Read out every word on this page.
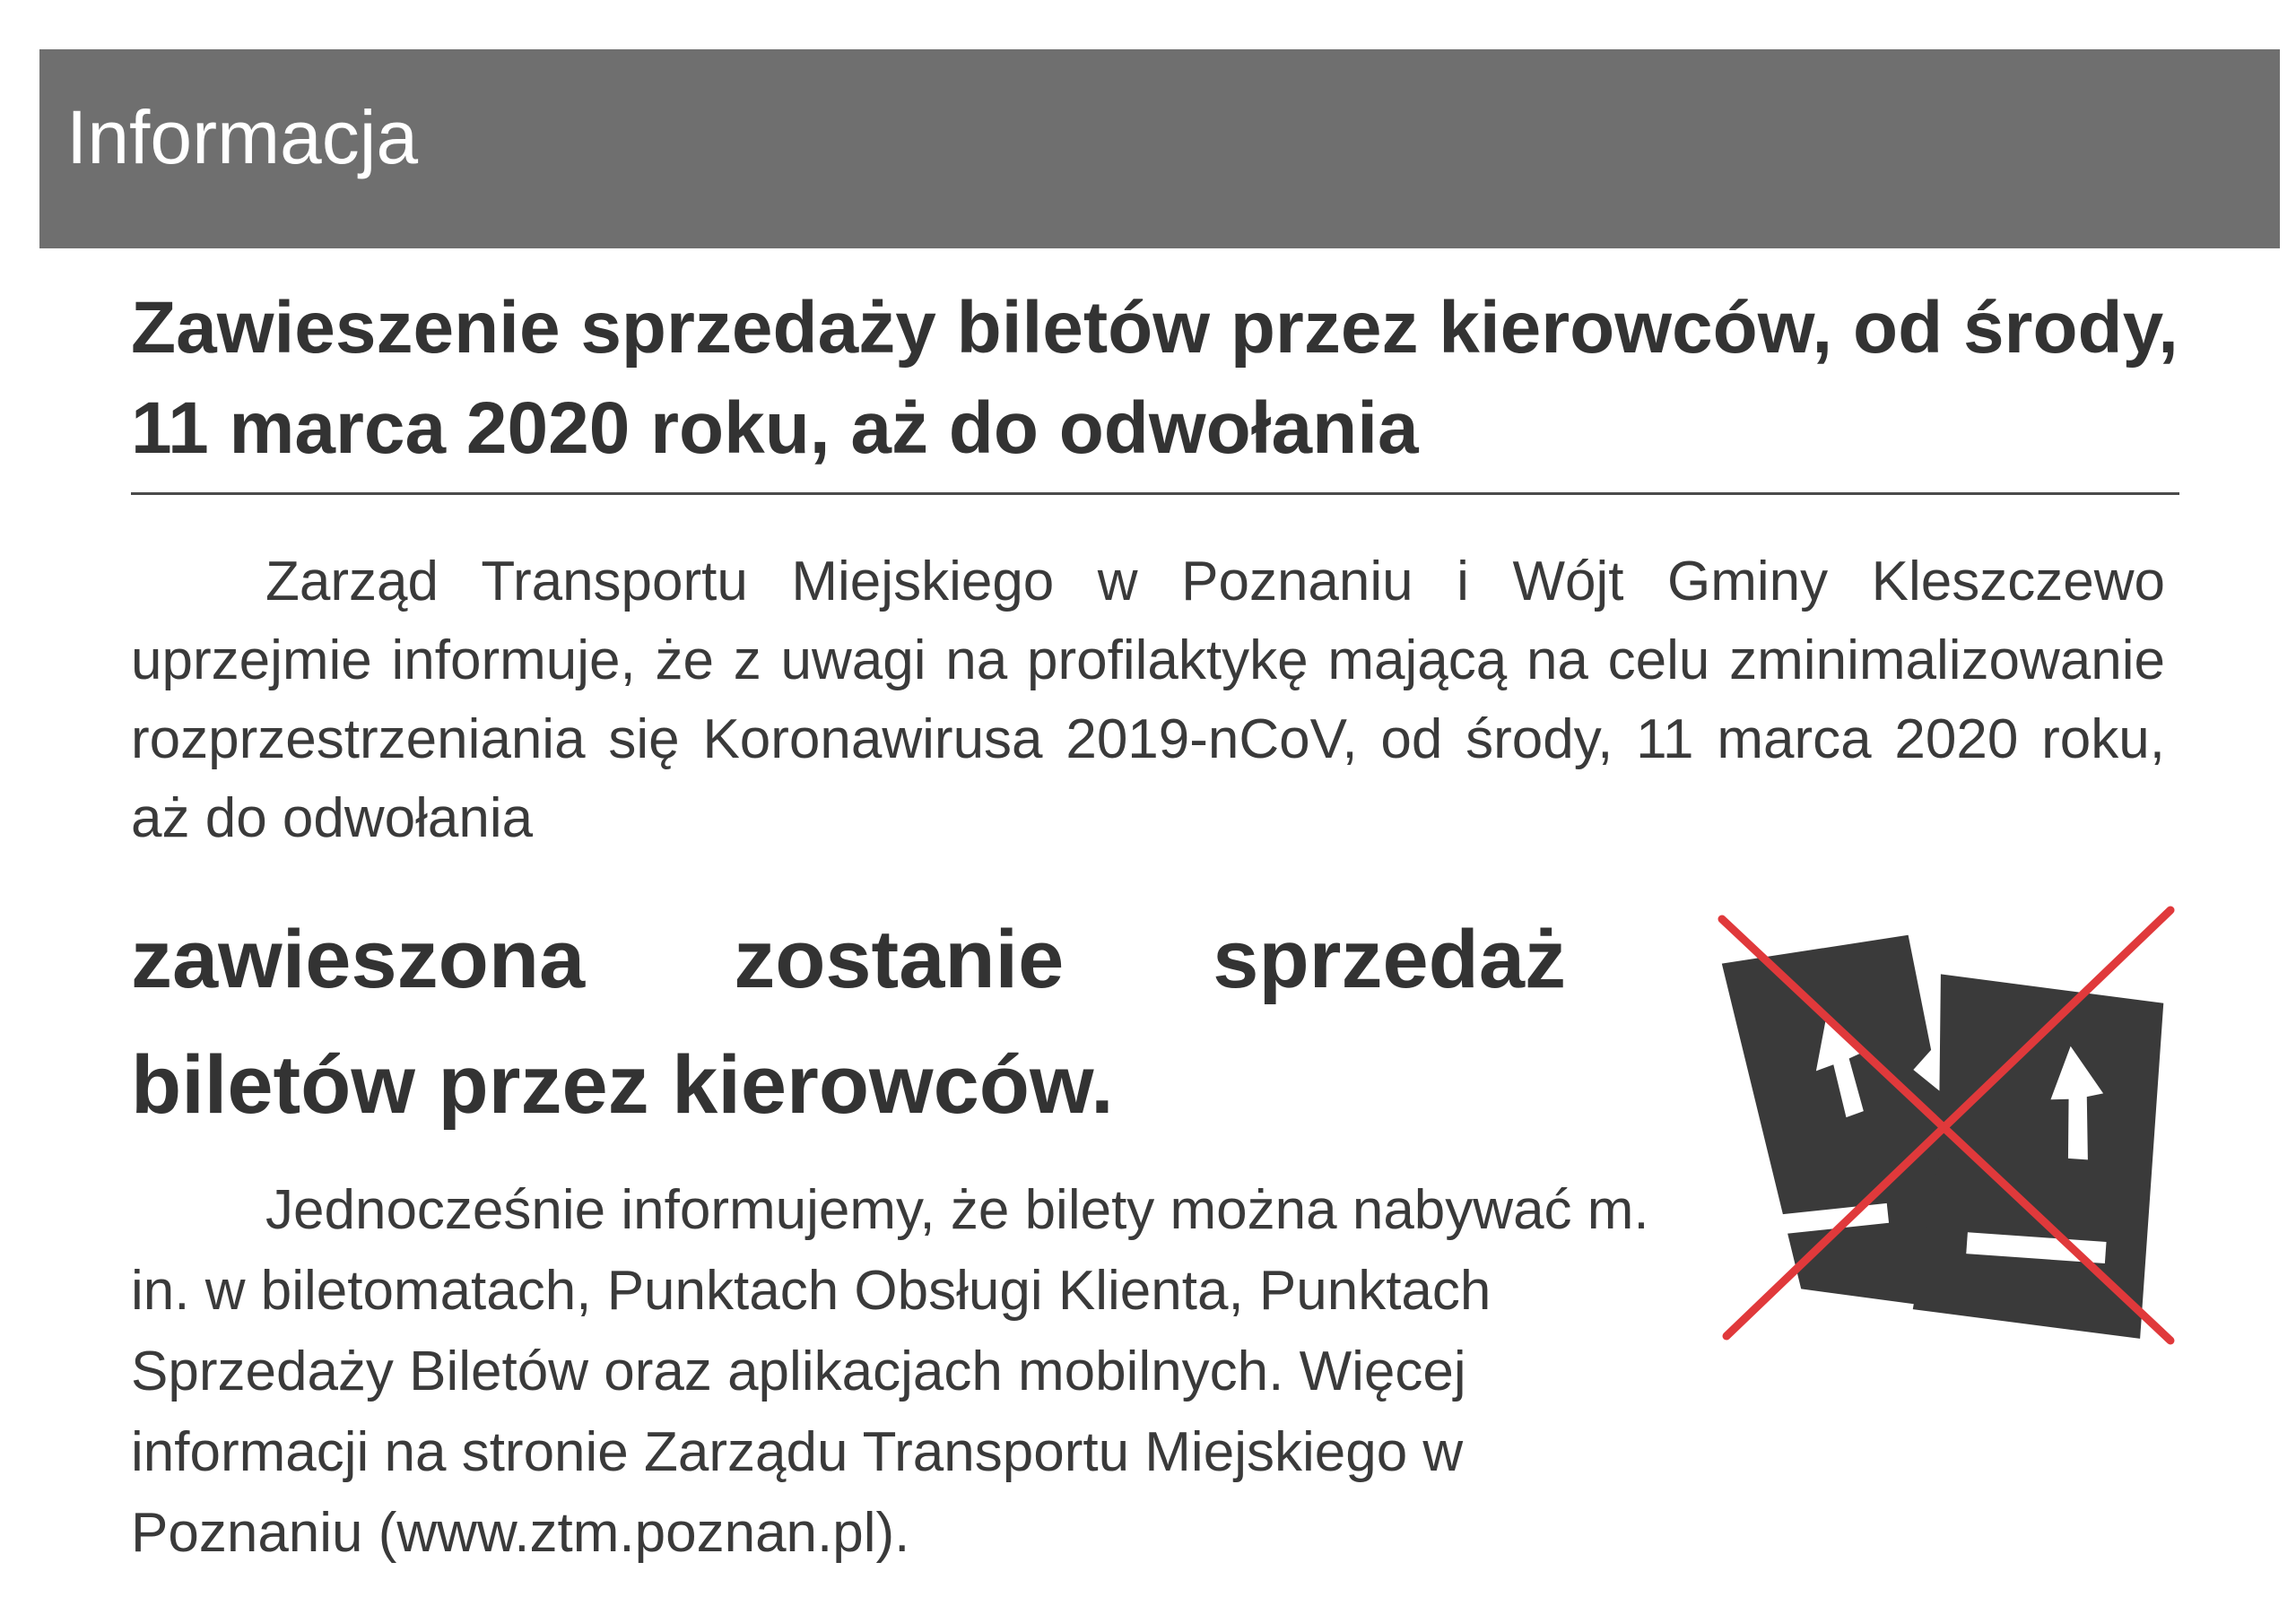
Informacja
Zawieszenie sprzedaży biletów przez kierowców, od środy, 11 marca 2020 roku, aż do odwołania

Zarząd Transportu Miejskiego w Poznaniu i Wójt Gminy Kleszczewo uprzejmie informuje, że z uwagi na profilaktykę mającą na celu zminimalizowanie rozprzestrzeniania się Koronawirusa 2019-nCoV, od środy, 11 marca 2020 roku, aż do odwołania

zawieszona zostanie sprzedaż
biletów przez kierowców.

Jednocześnie informujemy, że bilety można nabywać m. in. w biletomatach, Punktach Obsługi Klienta, Punktach Sprzedaży Biletów oraz aplikacjach mobilnych. Więcej informacji na stronie Zarządu Transportu Miejskiego w Poznaniu (www.ztm.poznan.pl).
